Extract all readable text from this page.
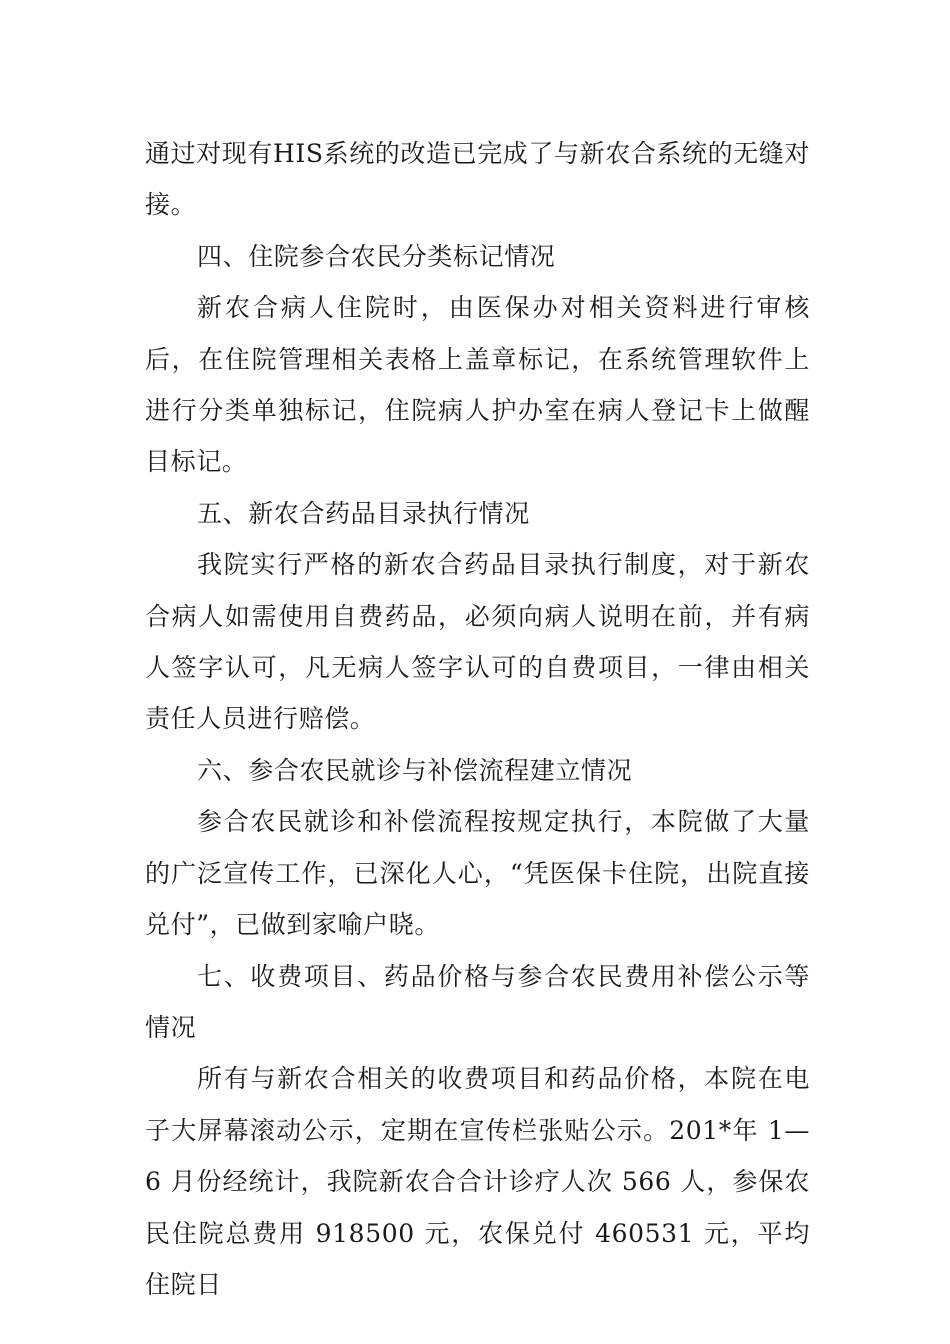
通过对现有HIS系统的改造已完成了与新农合系统的无缝对接。

四、住院参合农民分类标记情况

新农合病人住院时，由医保办对相关资料进行审核后，在住院管理相关表格上盖章标记，在系统管理软件上进行分类单独标记，住院病人护办室在病人登记卡上做醒目标记。

五、新农合药品目录执行情况

我院实行严格的新农合药品目录执行制度，对于新农合病人如需使用自费药品，必须向病人说明在前，并有病人签字认可，凡无病人签字认可的自费项目，一律由相关责任人员进行赔偿。

六、参合农民就诊与补偿流程建立情况

参合农民就诊和补偿流程按规定执行，本院做了大量的广泛宣传工作，已深化人心，“凭医保卡住院，出院直接兑付”，已做到家喻户晓。

七、收费项目、药品价格与参合农民费用补偿公示等情况

所有与新农合相关的收费项目和药品价格，本院在电子大屏幕滚动公示，定期在宣传栏张贴公示。201*年 1—6 月份经统计，我院新农合合计诊疗人次 566 人，参保农民住院总费用 918500 元，农保兑付 460531 元，平均住院日
